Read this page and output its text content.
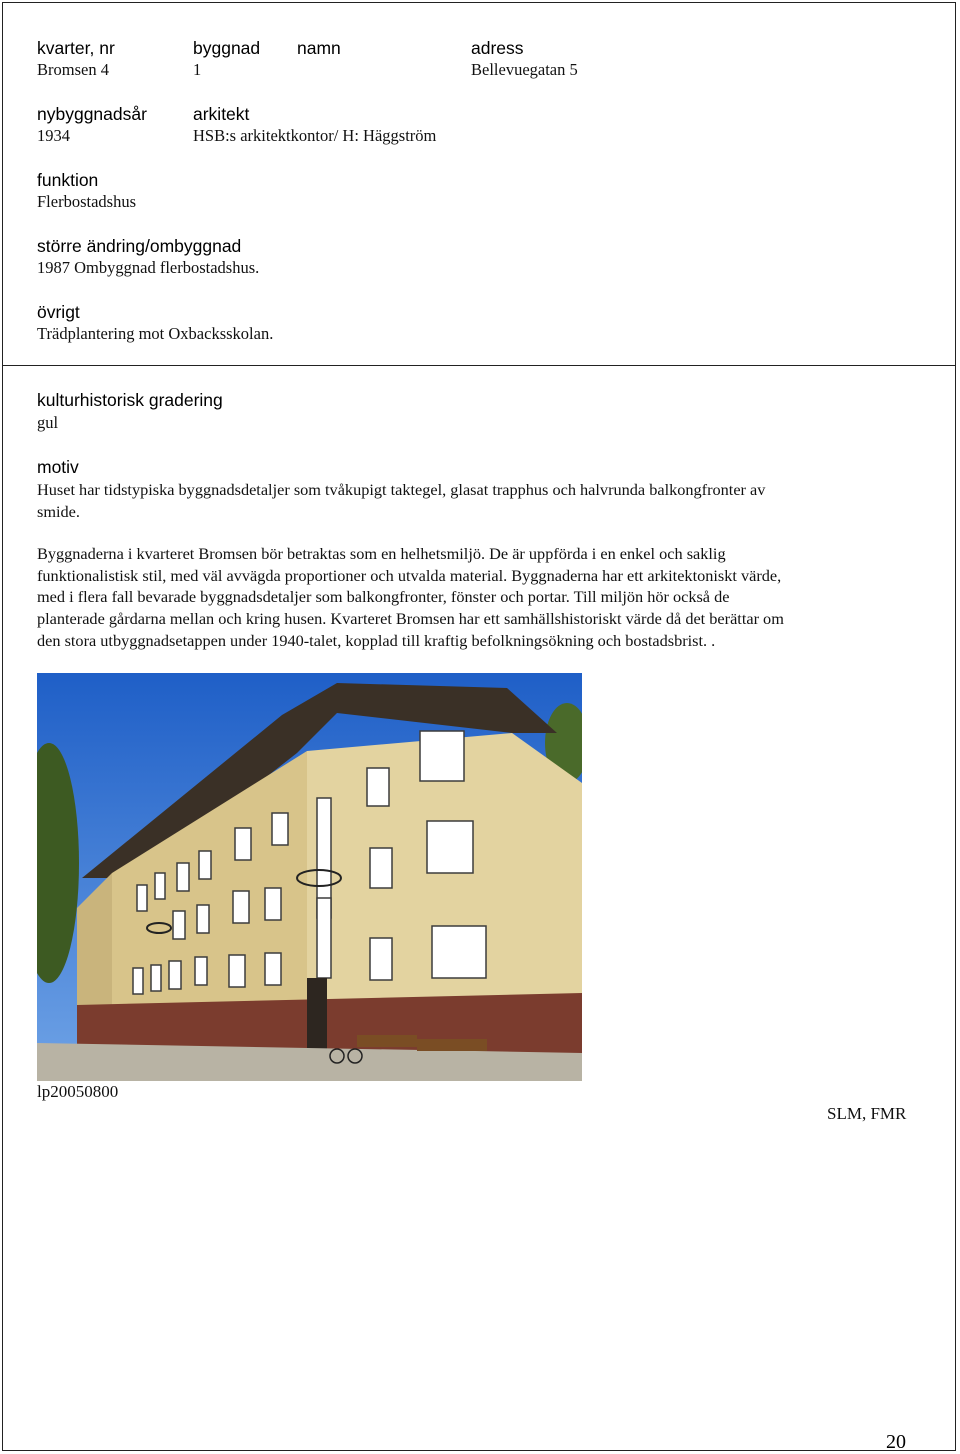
kvarter, nr	byggnad namn	adress
Bromsen 4	1	Bellevuegatan 5
nybyggnadsår	arkitekt
1934	HSB:s arkitektkontor/ H: Häggström
funktion
Flerbostadshus
större ändring/ombyggnad
1987 Ombyggnad flerbostadshus.
övrigt
Trädplantering mot Oxbacksskolan.
kulturhistorisk gradering
gul
motiv
Huset har tidstypiska byggnadsdetaljer som tvåkupigt taktegel, glasat trapphus och halvrunda balkongfronter av
smide.
Byggnaderna i kvarteret Bromsen bör betraktas som en helhetsmiljö. De är uppförda i en enkel och saklig
funktionalistisk stil, med väl avvägda proportioner och utvalda material. Byggnaderna har ett arkitektoniskt värde,
med i flera fall bevarade byggnadsdetaljer som balkongfronter, fönster och portar. Till miljön hör också de
planterade gårdarna mellan och kring husen. Kvarteret Bromsen har ett samhällshistoriskt värde då det berättar om
den stora utbyggnadsetappen under 1940-talet, kopplad till kraftig befolkningsökning och bostadsbrist. .
lp20050800
SLM, FMR
20
